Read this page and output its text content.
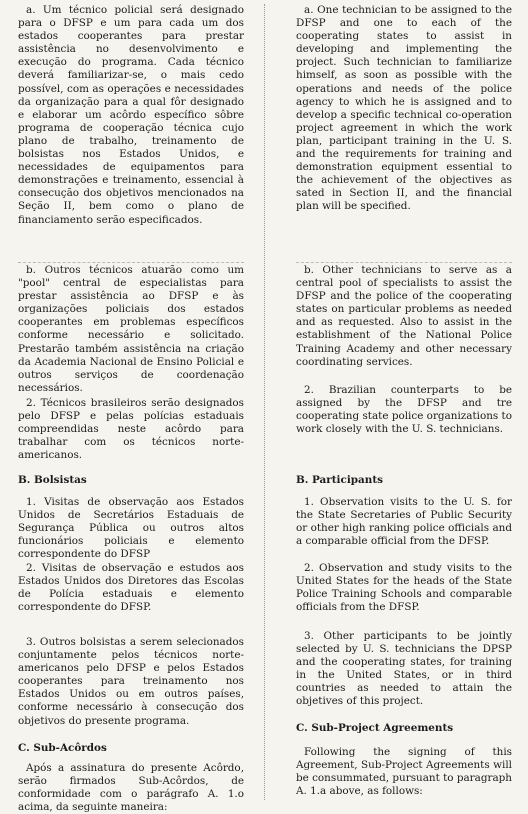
a. Um técnico policial será designado para o DFSP e um para cada um dos estados cooperantes para prestar assistência no desenvolvimento e execução do programa. Cada técnico deverá familiarizar-se, o mais cedo possível, com as operações e necessidades da organização para a qual fôr designado e elaborar um acôrdo específico sôbre programa de cooperação técnica cujo plano de trabalho, treinamento de bolsistas nos Estados Unidos, e necessidades de equipamentos para demonstrações e treinamento, essencial à consecução dos objetivos mencionados na Seção II, bem como o plano de financiamento serão especificados.

b. Outros técnicos atuarão como um "pool" central de especialistas para prestar assistência ao DFSP e às organizações policiais dos estados cooperantes em problemas específicos conforme necessário e solicitado. Prestarão também assistência na criação da Academia Nacional de Ensino Policial e outros serviços de coordenação necessários.

2. Técnicos brasileiros serão designados pelo DFSP e pelas polícias estaduais compreendidas neste acôrdo para trabalhar com os técnicos norte-americanos.

B. Bolsistas

1. Visitas de observação aos Estados Unidos de Secretários Estaduais de Segurança Pública ou outros altos funcionários policiais e elemento correspondente do DFSP

2. Visitas de observação e estudos aos Estados Unidos dos Diretores das Escolas de Polícia estaduais e elemento correspondente do DFSP.

3. Outros bolsistas a serem selecionados conjuntamente pelos técnicos norte-americanos pelo DFSP e pelos Estados cooperantes para treinamento nos Estados Unidos ou em outros países, conforme necessário à consecução dos objetivos do presente programa.

C. Sub-Acôrdos

Após a assinatura do presente Acôrdo, serão firmados Sub-Acôrdos, de conformidade com o parágrafo A. 1.o acima, da seguinte maneira:

a. One technician to be assigned to the DFSP and one to each of the cooperating states to assist in developing and implementing the project. Such technician to familiarize himself, as soon as possible with the operations and needs of the police agency to which he is assigned and to develop a specific technical co-operation project agreement in which the work plan, participant training in the U. S. and the requirements for training and demonstration equipment essential to the achievement of the objectives as sated in Section II, and the financial plan will be specified.

b. Other technicians to serve as a central pool of specialists to assist the DFSP and the police of the cooperating states on particular problems as needed and as requested. Also to assist in the establishment of the National Police Training Academy and other necessary coordinating services.

2. Brazilian counterparts to be assigned by the DFSP and tre cooperating state police organizations to work closely with the U. S. technicians.

B. Participants

1. Observation visits to the U. S. for the State Secretaries of Public Security or other high ranking police officials and a comparable official from the DFSP.

2. Observation and study visits to the United States for the heads of the State Police Training Schools and comparable officials from the DFSP.

3. Other participants to be jointly selected by U. S. technicians the DPSP and the cooperating states, for training in the United States, or in third countries as needed to attain the objetives of this project.

C. Sub-Project Agreements

Following the signing of this Agreement, Sub-Project Agreements will be consummated, pursuant to paragraph A. 1.a above, as follows:
